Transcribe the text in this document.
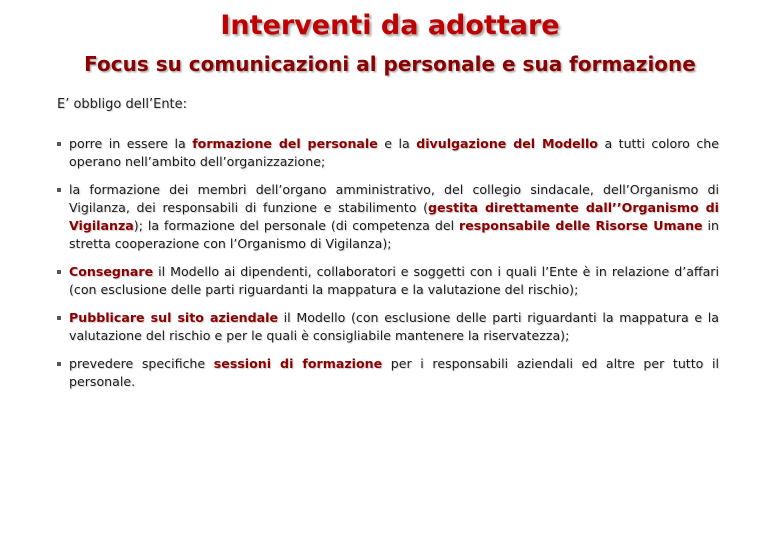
Interventi da adottare
Focus su comunicazioni al personale e sua formazione
E’ obbligo dell’Ente:
porre in essere la formazione del personale e la divulgazione del Modello a tutti coloro che operano nell’ambito dell’organizzazione;
la formazione dei membri dell’organo amministrativo, del collegio sindacale, dell’Organismo di Vigilanza, dei responsabili di funzione e stabilimento (gestita direttamente dall’’Organismo di Vigilanza); la formazione del personale (di competenza del responsabile delle Risorse Umane in stretta cooperazione con l’Organismo di Vigilanza);
Consegnare il Modello ai dipendenti, collaboratori e soggetti con i quali l’Ente è in relazione d’affari (con esclusione delle parti riguardanti la mappatura e la valutazione del rischio);
Pubblicare sul sito aziendale il Modello (con esclusione delle parti riguardanti la mappatura e la valutazione del rischio e per le quali è consigliabile mantenere la riservatezza);
prevedere specifiche sessioni di formazione per i responsabili aziendali ed altre per tutto il personale.
